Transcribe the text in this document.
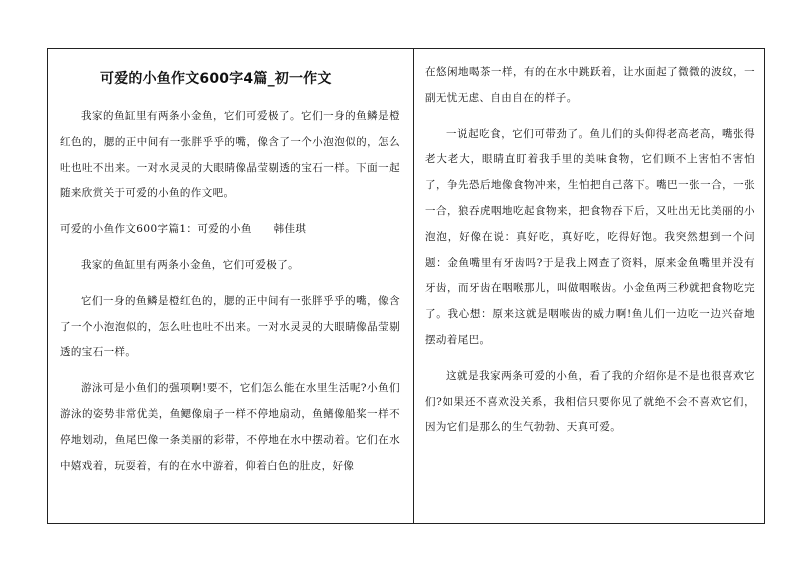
可爱的小鱼作文600字4篇_初一作文

我家的鱼缸里有两条小金鱼，它们可爱极了。它们一身的鱼鳞是橙红色的，腮的正中间有一张胖乎乎的嘴，像含了一个小泡泡似的，怎么吐也吐不出来。一对水灵灵的大眼睛像晶莹剔透的宝石一样。下面一起随来欣赏关于可爱的小鱼的作文吧。

可爱的小鱼作文600字篇1：可爱的小鱼　　韩佳琪

我家的鱼缸里有两条小金鱼，它们可爱极了。

它们一身的鱼鳞是橙红色的，腮的正中间有一张胖乎乎的嘴，像含了一个小泡泡似的，怎么吐也吐不出来。一对水灵灵的大眼睛像晶莹剔透的宝石一样。

游泳可是小鱼们的强项啊!要不，它们怎么能在水里生活呢?小鱼们游泳的姿势非常优美，鱼鳃像扇子一样不停地扇动，鱼鳍像船桨一样不停地划动，鱼尾巴像一条美丽的彩带，不停地在水中摆动着。它们在水中嬉戏着，玩耍着，有的在水中游着，仰着白色的肚皮，好像

在悠闲地喝茶一样，有的在水中跳跃着，让水面起了微微的波纹，一副无忧无虑、自由自在的样子。

一说起吃食，它们可带劲了。鱼儿们的头仰得老高老高，嘴张得老大老大，眼睛直盯着我手里的美味食物，它们顾不上害怕不害怕了，争先恐后地像食物冲来，生怕把自己落下。嘴巴一张一合，一张一合，狼吞虎咽地吃起食物来，把食物吞下后，又吐出无比美丽的小泡泡，好像在说：真好吃，真好吃，吃得好饱。我突然想到一个问题：金鱼嘴里有牙齿吗?于是我上网查了资料，原来金鱼嘴里并没有牙齿，而牙齿在咽喉那儿，叫做咽喉齿。小金鱼两三秒就把食物吃完了。我心想：原来这就是咽喉齿的威力啊!鱼儿们一边吃一边兴奋地摆动着尾巴。

这就是我家两条可爱的小鱼，看了我的介绍你是不是也很喜欢它们?如果还不喜欢没关系，我相信只要你见了就绝不会不喜欢它们，因为它们是那么的生气勃勃、天真可爱。
